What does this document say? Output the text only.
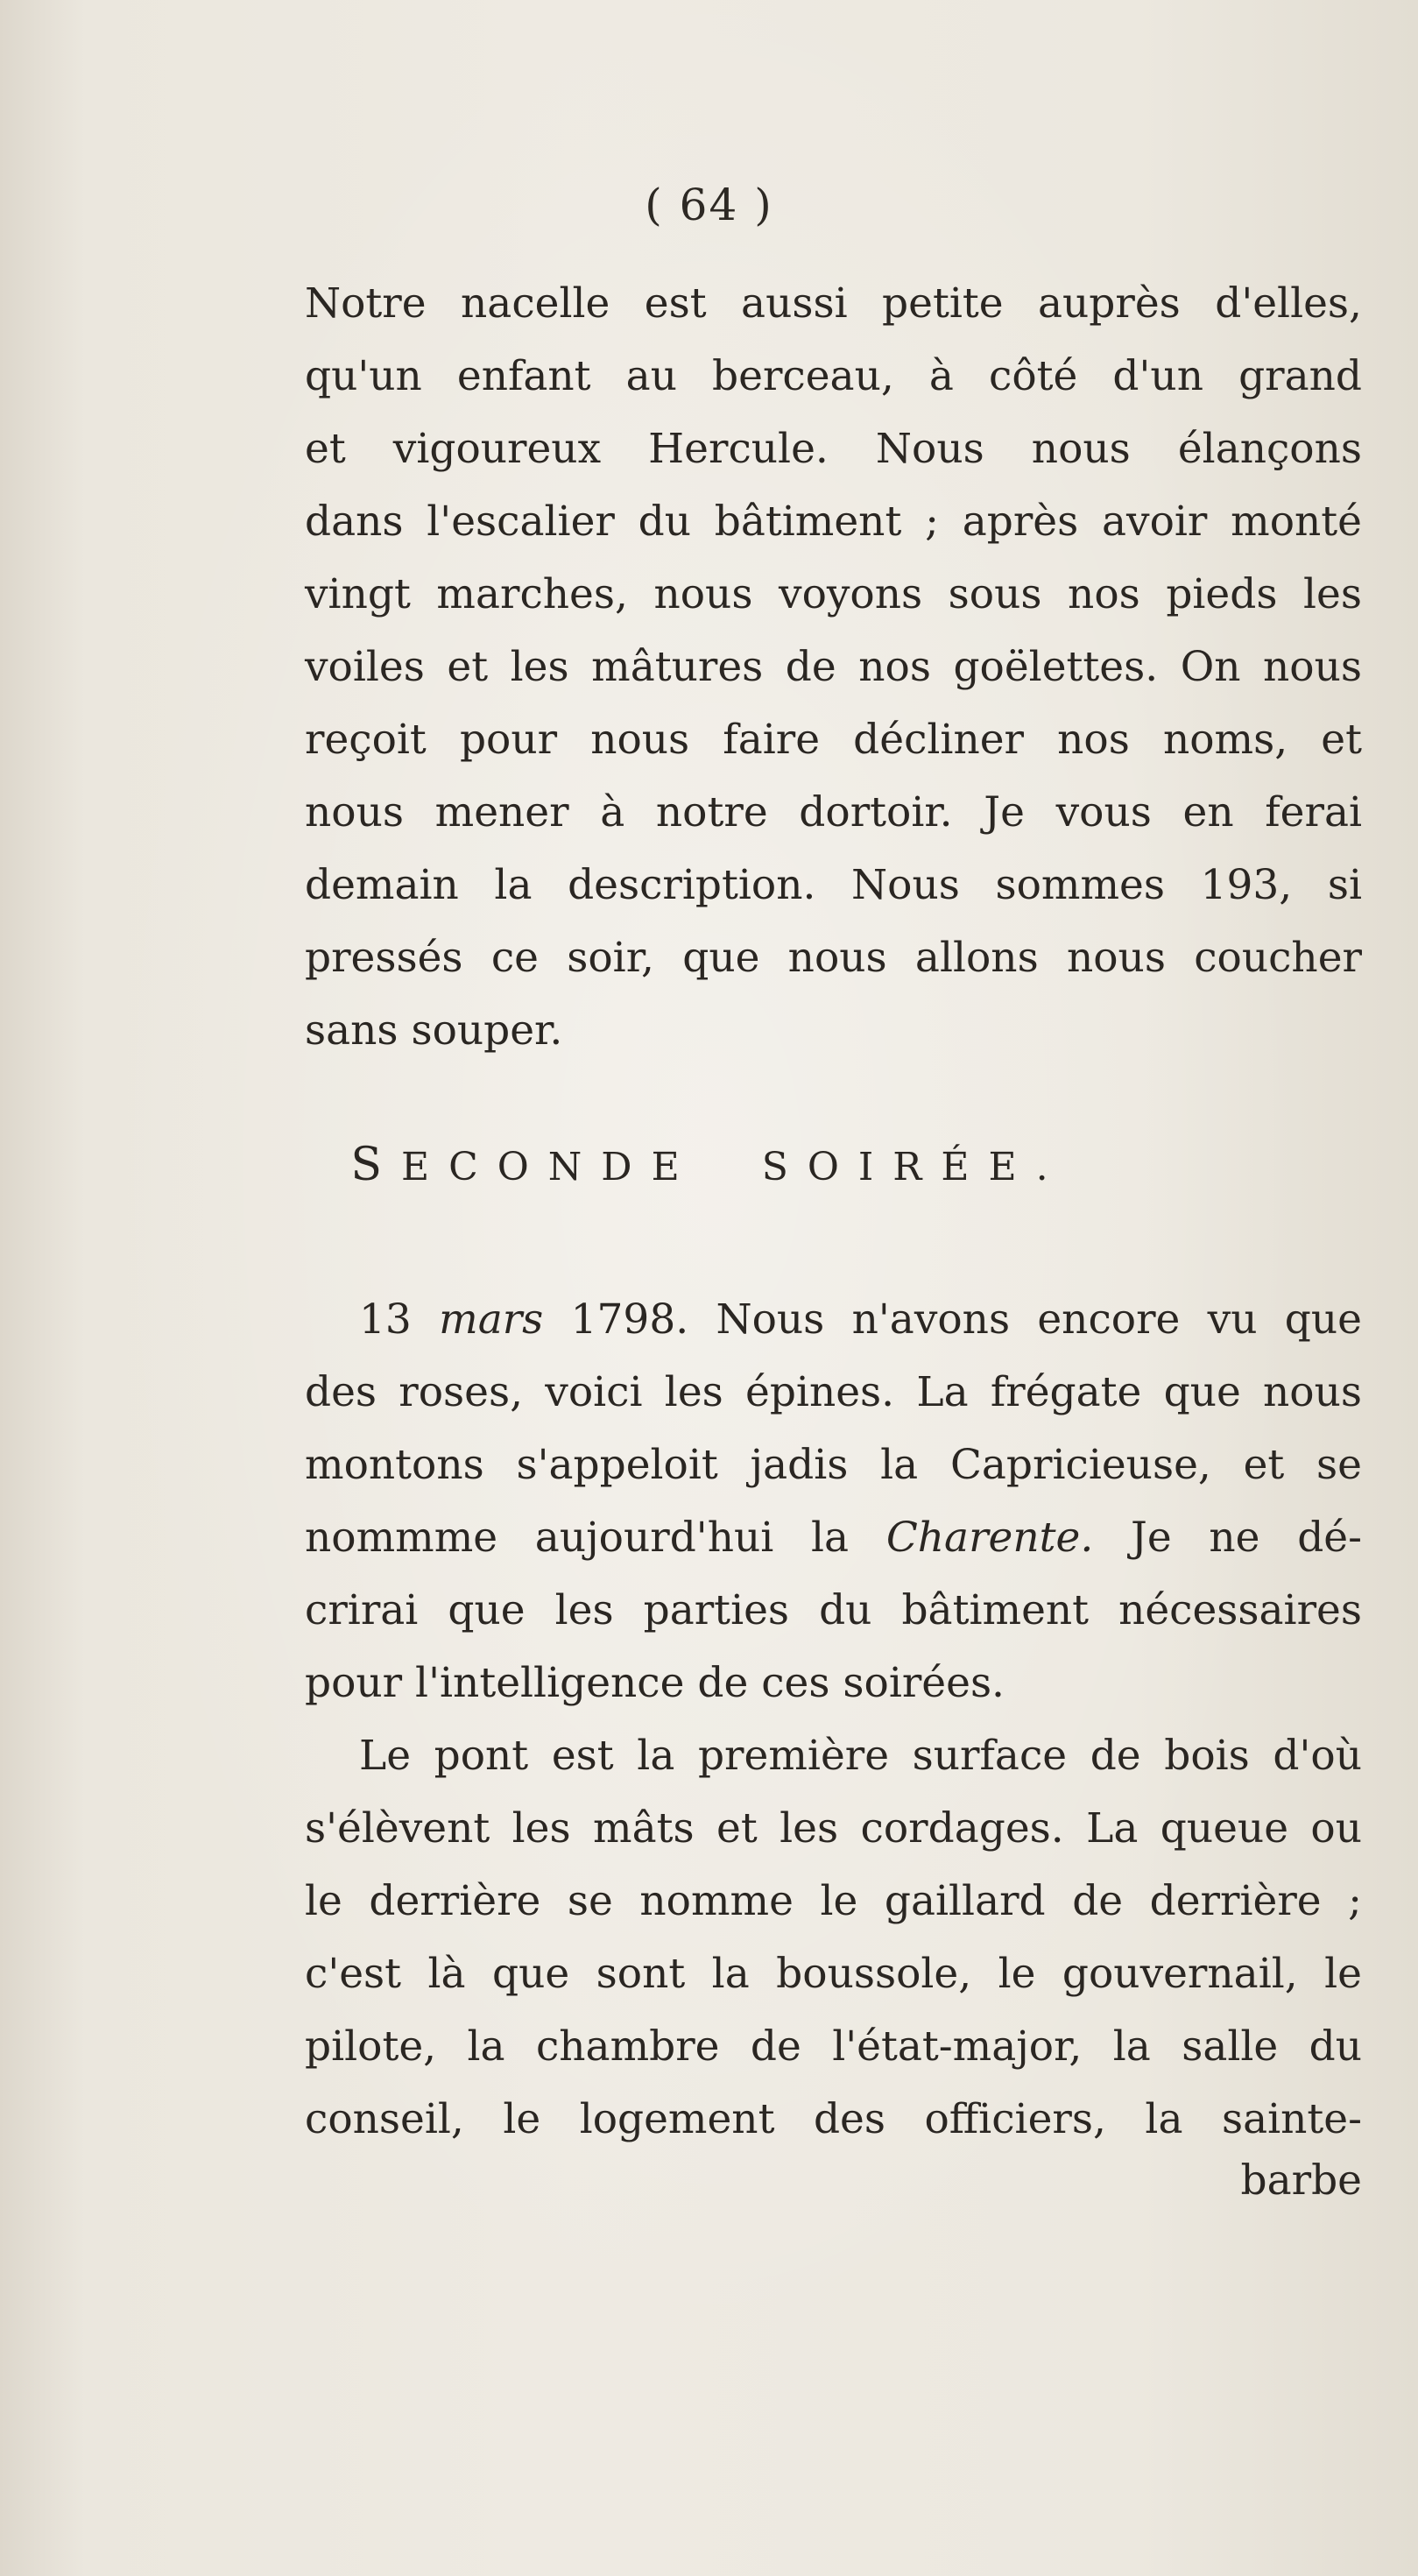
( 64 )
Notre nacelle est aussi petite auprès d'elles,
qu'un enfant au berceau, à côté d'un grand
et vigoureux Hercule. Nous nous élançons
dans l'escalier du bâtiment ; après avoir monté
vingt marches, nous voyons sous nos pieds les
voiles et les mâtures de nos goëlettes. On nous
reçoit pour nous faire décliner nos noms, et
nous mener à notre dortoir. Je vous en ferai
demain la description. Nous sommes 193, si
pressés ce soir, que nous allons nous coucher
sans souper.
SECONDE SOIRÉE.
13 mars 1798. Nous n'avons encore vu que
des roses, voici les épines. La frégate que nous
montons s'appeloit jadis la Capricieuse, et se
nommme aujourd'hui la Charente. Je ne dé-
crirai que les parties du bâtiment nécessaires
pour l'intelligence de ces soirées.
Le pont est la première surface de bois d'où
s'élèvent les mâts et les cordages. La queue ou
le derrière se nomme le gaillard de derrière ;
c'est là que sont la boussole, le gouvernail, le
pilote, la chambre de l'état-major, la salle du
conseil, le logement des officiers, la sainte-
barbe
